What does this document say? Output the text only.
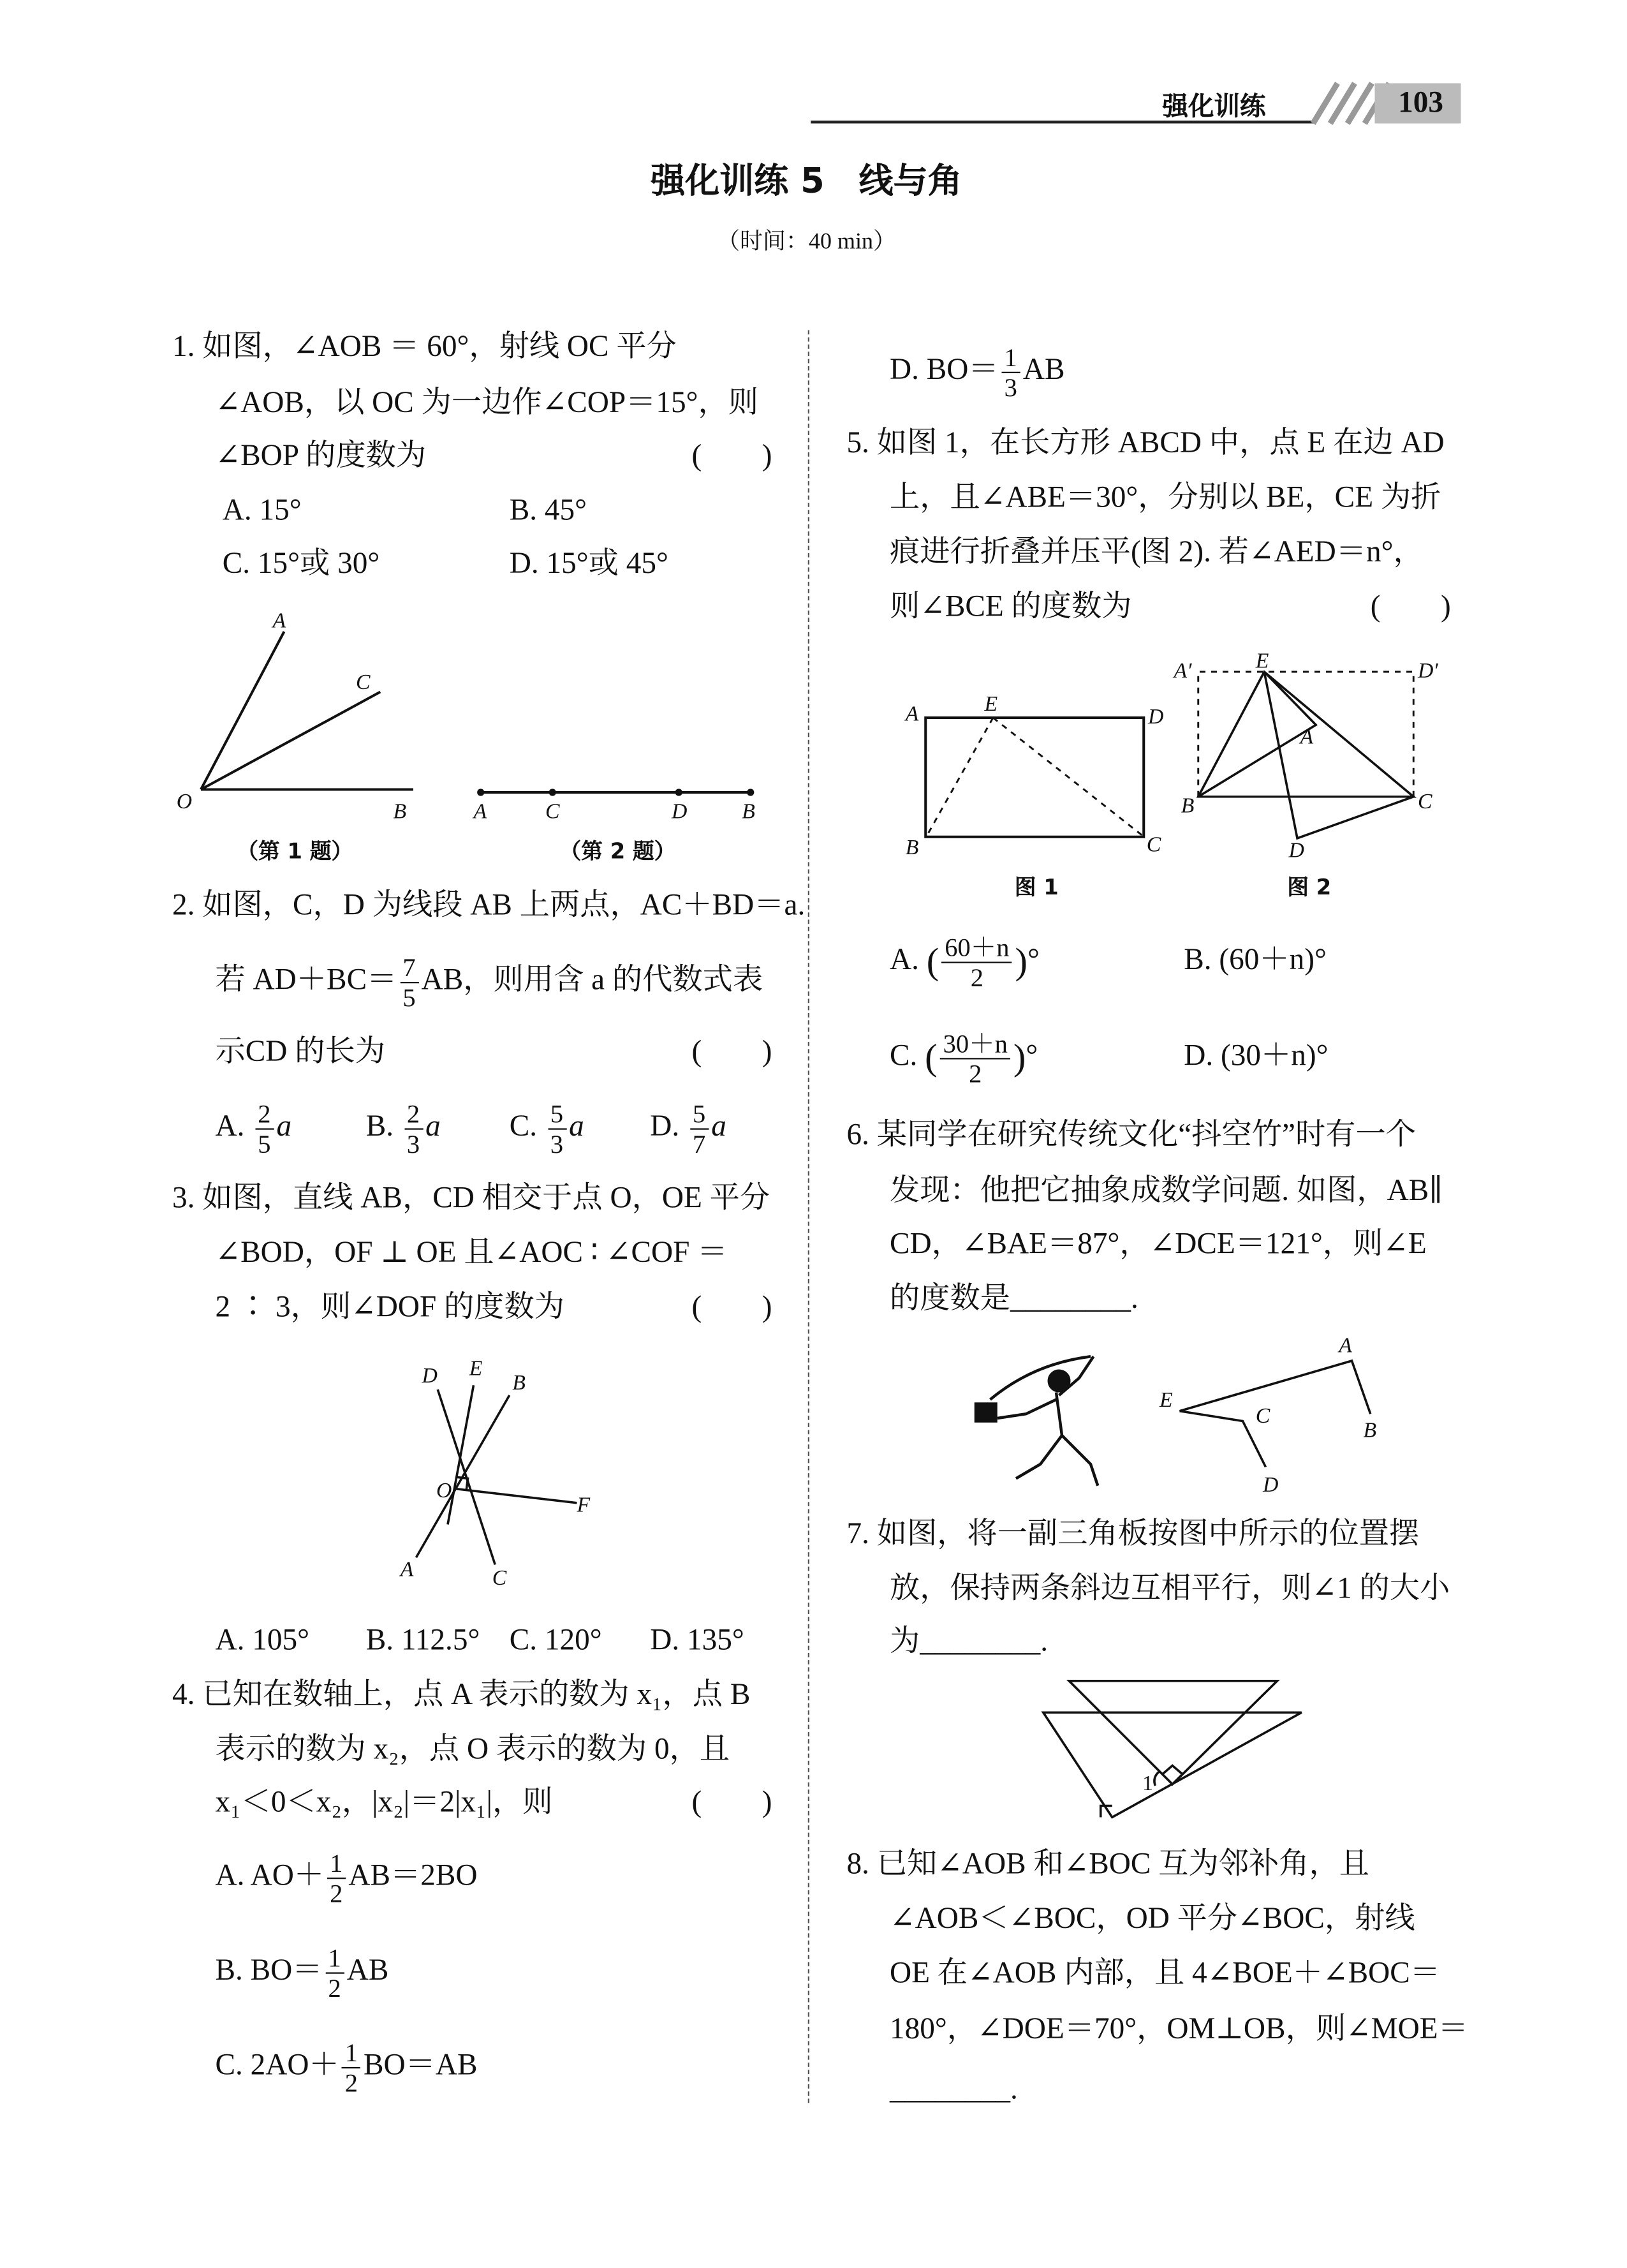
强化训练	103
强化训练 5　线与角
（时间：40 min）
1. 如图，∠AOB ＝ 60°，射线 OC 平分
∠AOB，以 OC 为一边作∠COP＝15°，则
∠BOP 的度数为	(　　)
A. 15°	B. 45°
C. 15°或 30°	D. 15°或 45°
A
C
O	B	A	C	D	B
（第 1 题）	（第 2 题）
2. 如图，C，D 为线段 AB 上两点，AC＋BD＝a.
若 $AD+BC= \frac{7}{5}$ AB，则用含 a 的代数式表
示CD 的长为	(　　)
A. $\frac{2}{5}$ a	B. $\frac{2}{3}$ a	C. $\frac{5}{3}$ a	D. $\frac{5}{7}$ a
3. 如图，直线 AB，CD 相交于点 O，OE 平分
∠BOD，OF ⊥ OE 且∠AOC ∶ ∠COF ＝
2 ∶ 3，则∠DOF 的度数为	(　　)
D	E
B
O
F
A	C
A. 105°	B. 112.5° C. 120°	D. 135°
4. 已知在数轴上，点 A 表示的数为 x₁，点 B
表示的数为 x₂，点 O 表示的数为 0，且
x₁＜0＜x₂，|x₂|＝2|x₁|，则	(　　)
A. $AO+ \frac{1}{2} AB=2BO$
B. $BO= \frac{1}{2}$ AB
C. $2AO+ \frac{1}{2} BO=AB$
D. $BO= \frac{1}{3}$ AB
5. 如图 1，在长方形 ABCD 中，点 E 在边 AD
上，且∠ABE＝30°，分别以 BE，CE 为折
痕进行折叠并压平(图 2). 若∠AED＝n°，
则∠BCE 的度数为	(　　)
A	E
D
B	C
A′	E	D′
A
B	C
D
图 1	图 2
A. ( $\frac{60+n}{2}$ )°	B. (60＋n)°
C. ( $\frac{30+n}{2}$ )°	D. (30＋n)°
6. 某同学在研究传统文化“抖空竹”时有一个
发现：他把它抽象成数学问题. 如图，AB∥
CD，∠BAE＝87°，∠DCE＝121°，则∠E
的度数是________.
A
E
C
B
D
7. 如图，将一副三角板按图中所示的位置摆
放，保持两条斜边互相平行，则∠1 的大小
为________.
1
8. 已知∠AOB 和∠BOC 互为邻补角，且
∠AOB＜∠BOC，OD 平分∠BOC，射线
OE 在∠AOB 内部，且 4∠BOE＋∠BOC＝
180°，∠DOE＝70°，OM⊥OB，则∠MOE＝
________.
